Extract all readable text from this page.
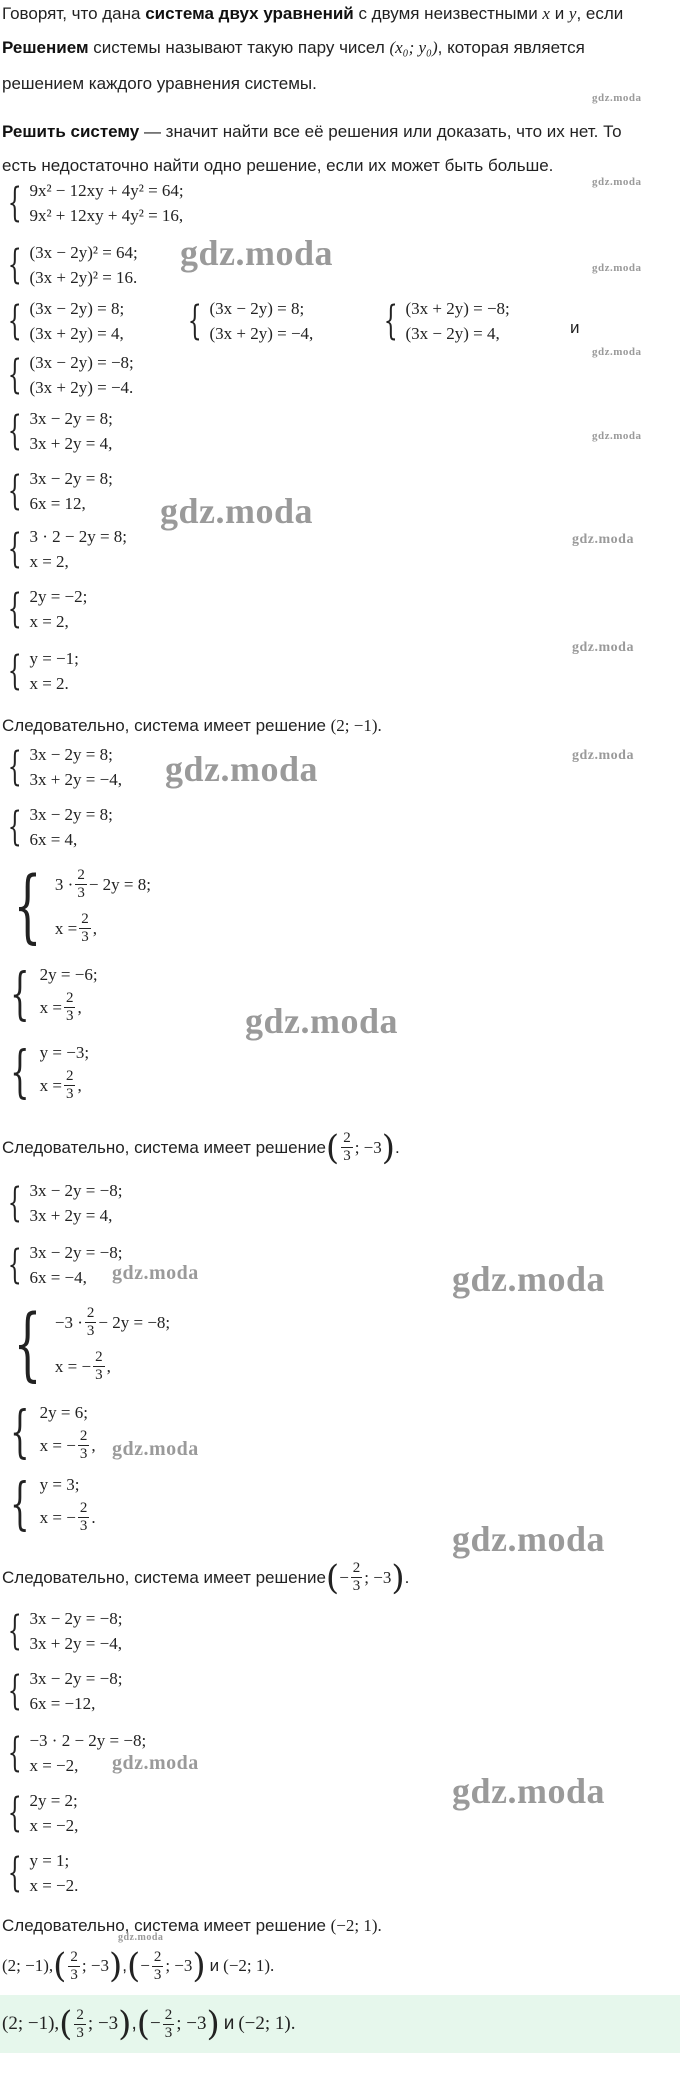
Говорят, что дана система двух уравнений с двумя неизвестными x и y, если
Решением системы называют такую пару чисел (x₀; y₀), которая является
решением каждого уравнения системы.
gdz.moda
Решить систему — значит найти все её решения или доказать, что их нет. То
есть недостаточно найти одно решение, если их может быть больше.
gdz.moda
{ 9x² − 12xy + 4y² = 64;
9x² + 12xy + 4y² = 16,
{ (3x − 2y)² = 64;
(3x + 2y)² = 16.
gdz.moda	gdz.moda
{ (3x − 2y) = 8;
(3x + 2y) = 4, { (3x − 2y) = 8;
(3x + 2y) = −4, { (3x + 2y) = −8;
(3x − 2y) = 4,	и
gdz.moda
{ (3x − 2y) = −8;
(3x + 2y) = −4.
{ 3x − 2y = 8;
3x + 2y = 4,	gdz.moda
{ 3x − 2y = 8;
6x = 12,	gdz.moda
{ 3 · 2 − 2y = 8;
x = 2,
gdz.moda
{ 2y = −2;
x = 2,
gdz.moda
{ y = −1;
x = 2.
Следовательно, система имеет решение (2; −1).
{ 3x − 2y = 8;
3x + 2y = −4, gdz.moda	gdz.moda
{ 3x − 2y = 8;
6x = 4,
{ $3 \cdot \frac{2}{3} - 2y = 8$;
$x = \frac{2}{3}$ ,
{ 2y = −6;
$x = \frac{2}{3}$ ,	gdz.moda
{ y = −3;
$x = \frac{2}{3}$ ,
Следовательно, система имеет решение ( $\frac{2}{3}$ ; −3 ) .
{ 3x − 2y = −8;
3x + 2y = 4,
{ 3x − 2y = −8;
6x = −4,	gdz.moda	gdz.moda
{ $-3 \cdot \frac{2}{3} - 2y = -8$;
x = − $\frac{2}{3}$ ,
{ 2y = 6;
x = − $\frac{2}{3}$ , gdz.moda
{ y = 3;
x = − $\frac{2}{3}$ .
gdz.moda
Следовательно, система имеет решение ( − $\frac{2}{3}$ ; −3 ) .
{ 3x − 2y = −8;
3x + 2y = −4,
{ 3x − 2y = −8;
6x = −12,
{ −3 · 2 − 2y = −8;
x = −2,	gdz.moda
gdz.moda
{ 2y = 2;
x = −2,
{ y = 1;
x = −2.
Следовательно, система имеет решение (−2; 1).
gdz.moda
(2; −1), ( $\frac{2}{3}$ ; −3 ) , ( − $\frac{2}{3}$ ; −3 ) и (−2; 1).
(2; −1), ( $\frac{2}{3}$ ; −3 ) , ( − $\frac{2}{3}$ ; −3 ) и (−2; 1).
